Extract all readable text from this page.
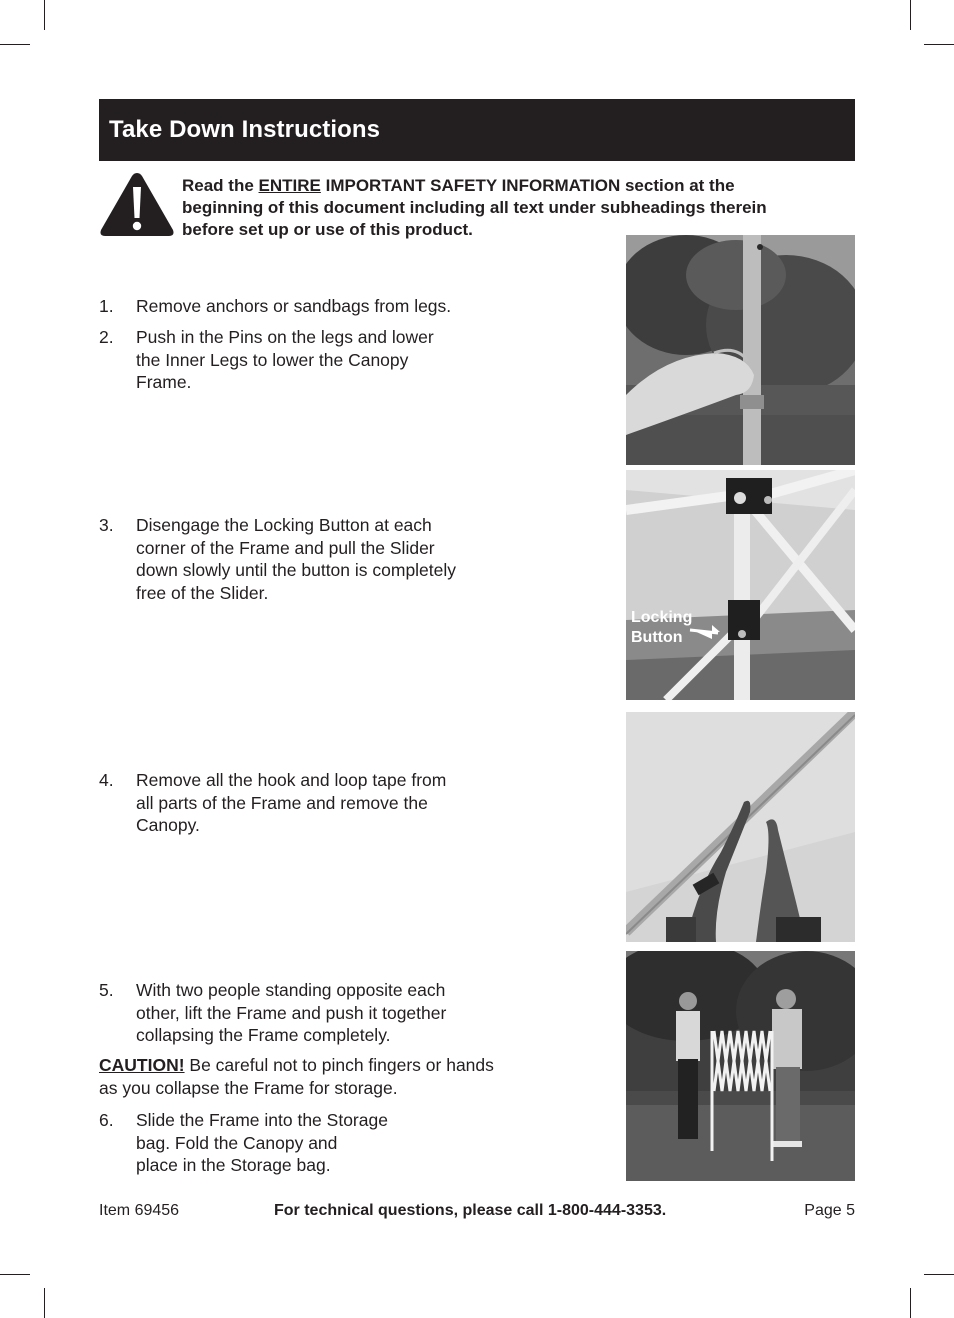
Take Down Instructions
Read the ENTIRE IMPORTANT SAFETY INFORMATION section at the
beginning of this document including all text under subheadings therein
before set up or use of this product.
1. Remove anchors or sandbags from legs.
2. Push in the Pins on the legs and lower
the Inner Legs to lower the Canopy
Frame.
3. Disengage the Locking Button at each
corner of the Frame and pull the Slider
down slowly until the button is completely
free of the Slider.
4. Remove all the hook and loop tape from
all parts of the Frame and remove the
Canopy.
5. With two people standing opposite each
other, lift the Frame and push it together
collapsing the Frame completely.
CAUTION! Be careful not to pinch fingers or hands
as you collapse the Frame for storage.
6. Slide the Frame into the Storage
bag. Fold the Canopy and
place in the Storage bag.
Locking
Button
Item 69456	For technical questions, please call 1-800-444-3353.	Page 5
